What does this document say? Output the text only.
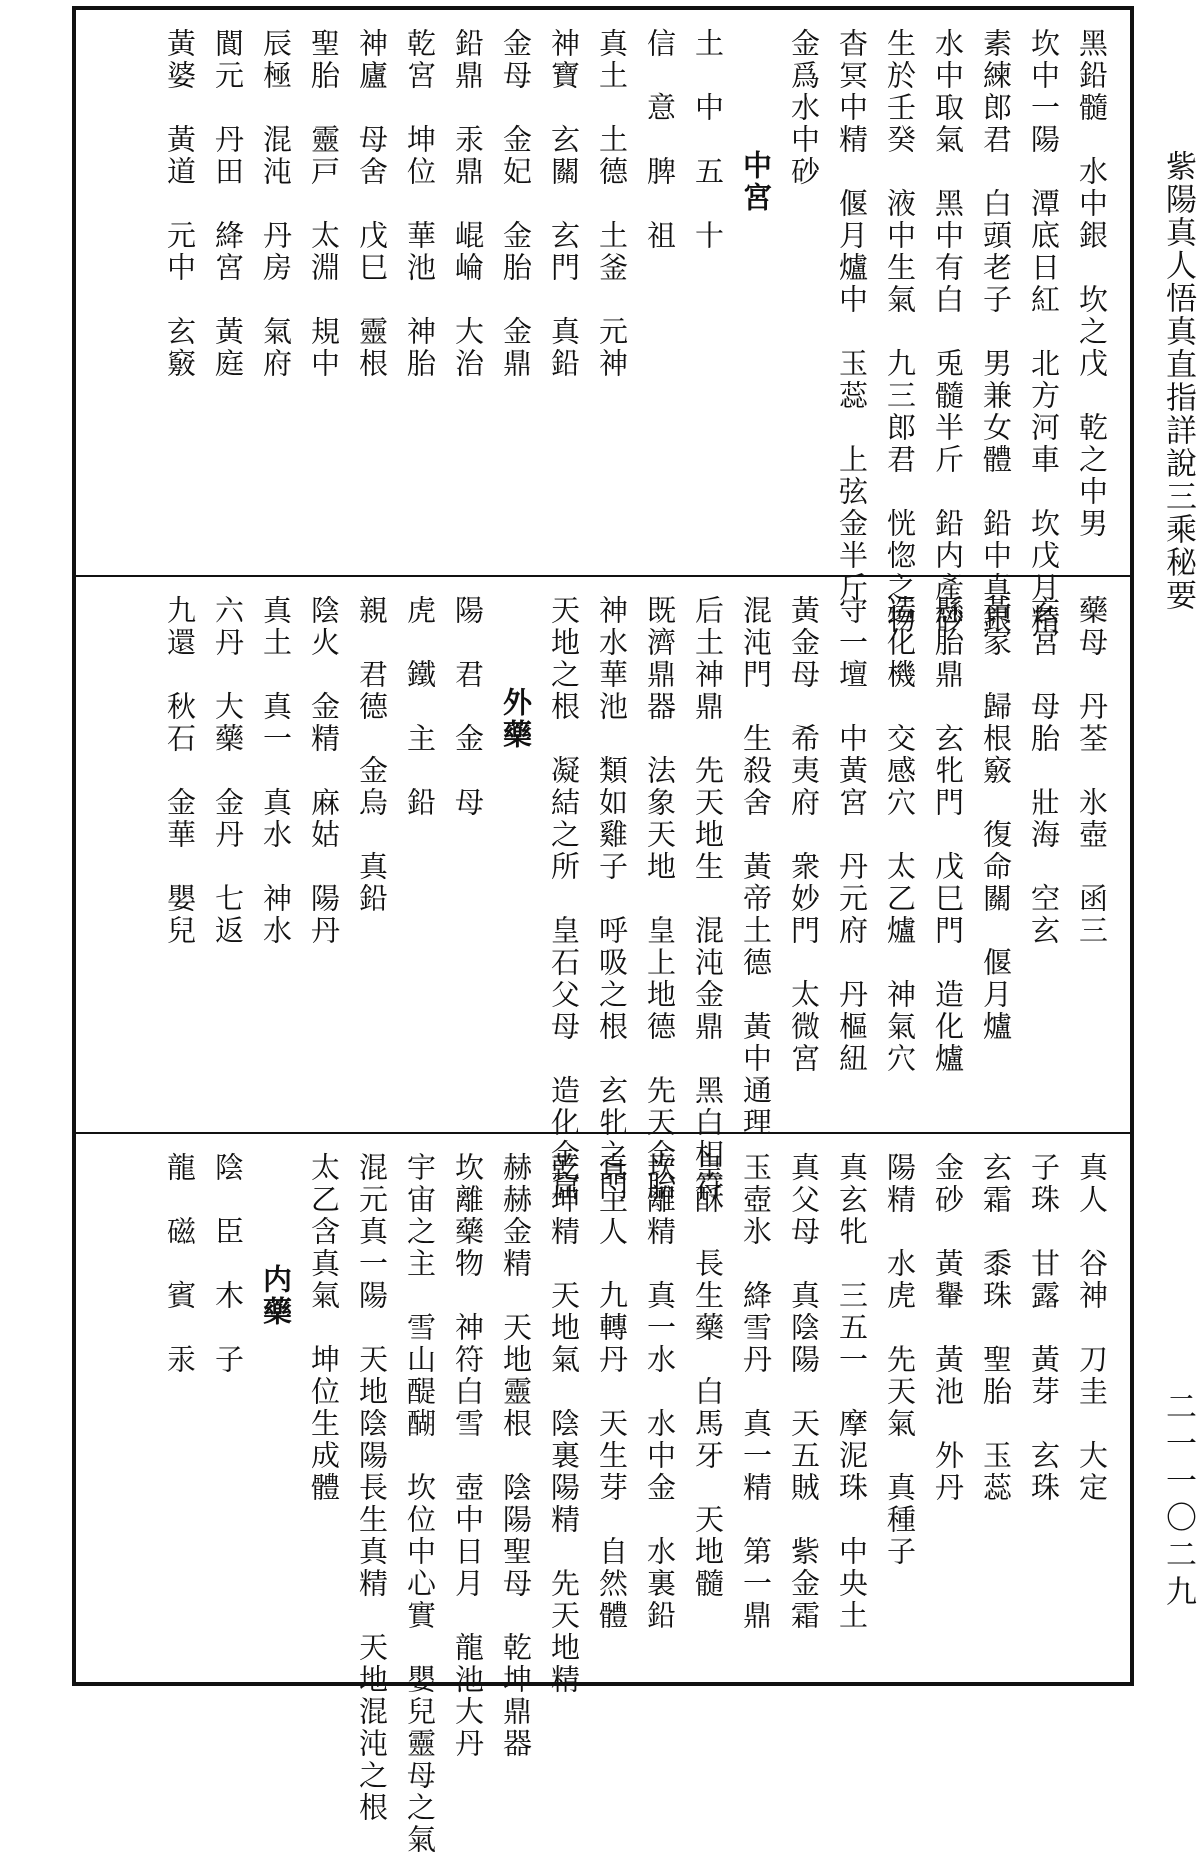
紫陽真人悟真直指詳說三乘秘要
二一一〇二九
黑鉛髓　水中銀　坎之戊　乾之中男
坎中一陽　潭底日紅　北方河車　坎戊月精
素練郎君　白頭老子　男兼女體　鉛中真銀
水中取氣　黑中有白　兎髓半斤　鉛内產砂
生於壬癸　液中生氣　九三郎君　恍惚之物
杳冥中精　偃月爐中　玉蕊　上弦金半斤
金爲水中砂
中宮
土　中　五　十
信　意　脾　祖
真土　土德　土釜　元神
神寶　玄關　玄門　真鉛
金母　金妃　金胎　金鼎
鉛鼎　汞鼎　崐崘　大治
乾宮　坤位　華池　神胎
神廬　母舍　戊巳　靈根
聖胎　靈戸　太淵　規中
辰極　混沌　丹房　氣府
閬元　丹田　絳宮　黃庭
黃婆　黃道　元中　玄竅
藥母　丹荃　氷壺　函三
玄宮　母胎　壯海　空玄
黃家　歸根竅　復命關　偃月爐
懸胎鼎　玄牝門　戊巳門　造化爐
造化機　交感穴　太乙爐　神氣穴
守一壇　中黃宮　丹元府　丹樞紐
黃金母　希夷府　衆妙門　太微宮
混沌門　生殺舍　黃帝土德　黃中通理
后土神鼎　先天地生　混沌金鼎　黑白相符
既濟鼎器　法象天地　皇上地德　先天金胎
神水華池　類如雞子　呼吸之根　玄牝之門
天地之根　凝結之所　皇石父母　造化金窟
外藥
陽　君　金　母
虎　鐵　主　鉛
親　君德　金烏　真鉛
陰火　金精　麻姑　陽丹
真土　真一　真水　神水
六丹　大藥　金丹　七返
九還　秋石　金華　嬰兒
真人　谷神　刀圭　大定
子珠　甘露　黃芽　玄珠
玄霜　黍珠　聖胎　玉蕊
金砂　黃轝　黃池　外丹
陽精　水虎　先天氣　真種子
真玄牝　三五一　摩泥珠　中央土
真父母　真陰陽　天五賊　紫金霜
玉壺氷　絳雪丹　真一精　第一鼎
皇酥　長生藥　白馬牙　天地髓
坎離精　真一水　水中金　水裏鉛
真主人　九轉丹　天生芽　自然體
乾坤精　天地氣　陰裏陽精　先天地精
赫赫金精　天地靈根　陰陽聖母　乾坤鼎器
坎離藥物　神符白雪　壺中日月　龍池大丹
宇宙之主　雪山醍醐　坎位中心實　嬰兒靈母之氣
混元真一陽　天地陰陽長生真精　天地混沌之根
太乙含真氣　坤位生成體
内藥
陰　臣　木　子
龍　磁　賓　汞
